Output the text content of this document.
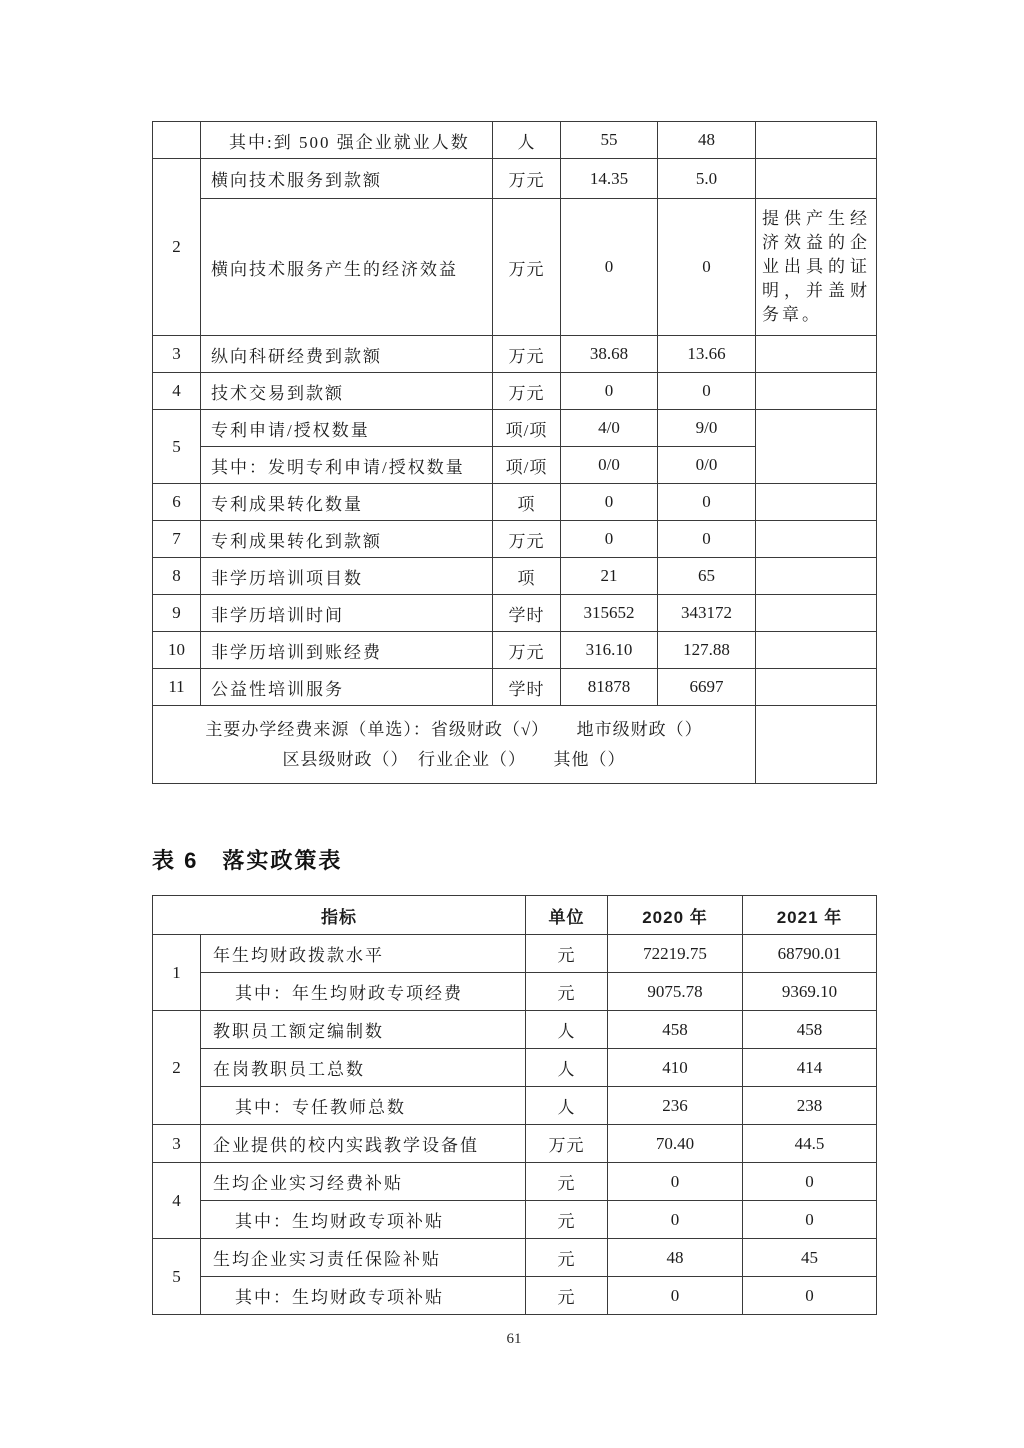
	其中:到 500 强企业就业人数	人	55	48	
2	横向技术服务到款额	万元	14.35	5.0	
	横向技术服务产生的经济效益	万元	0	0	提供产生经济效益的企业出具的证明，并盖财务章。

3	纵向科研经费到款额	万元	38.68	13.66	
4	技术交易到款额	万元	0	0	
5	专利申请/授权数量	项/项	4/0	9/0	
	其中：发明专利申请/授权数量	项/项	0/0	0/0	
6	专利成果转化数量	项	0	0	
7	专利成果转化到款额	万元	0	0	
8	非学历培训项目数	项	21	65	
9	非学历培训时间	学时	315652	343172	
10	非学历培训到账经费	万元	316.10	127.88	
11	公益性培训服务	学时	81878	6697	

主要办学经费来源（单选）：省级财政（√）　　地市级财政（）
区县级财政（）　行业企业（）　　其他（）					

表 6　落实政策表
指标		单位	2020 年	2021 年
1	年生均财政拨款水平	元	72219.75	68790.01
	其中：年生均财政专项经费	元	9075.78	9369.10
2	教职员工额定编制数	人	458	458
	在岗教职员工总数	人	410	414
	其中：专任教师总数	人	236	238
3	企业提供的校内实践教学设备值	万元	70.40	44.5
4	生均企业实习经费补贴	元	0	0
	其中：生均财政专项补贴	元	0	0
5	生均企业实习责任保险补贴	元	48	45
	其中：生均财政专项补贴	元	0	0
61
